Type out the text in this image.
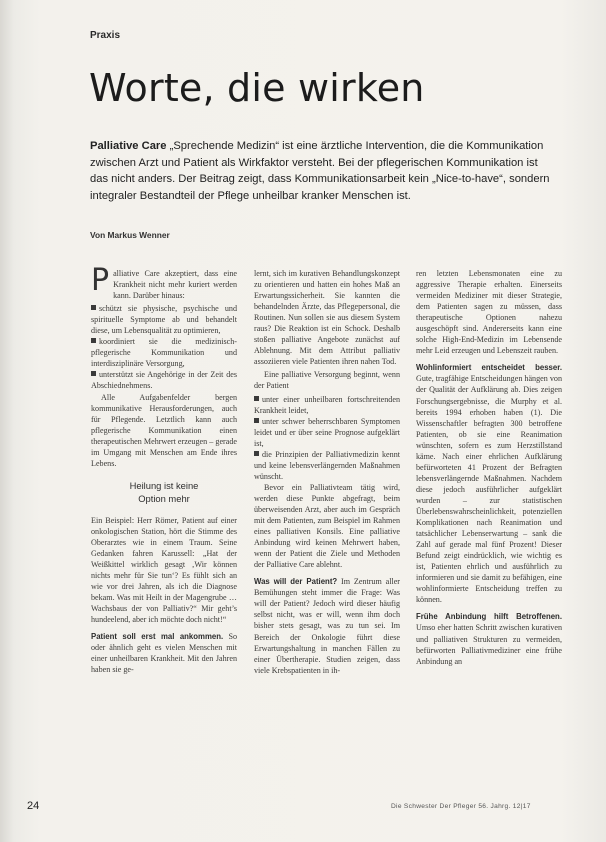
Praxis
Worte, die wirken
Palliative Care „Sprechende Medizin“ ist eine ärztliche Intervention, die die Kommunikation zwischen Arzt und Patient als Wirkfaktor versteht. Bei der pflegerischen Kommunikation ist das nicht anders. Der Beitrag zeigt, dass Kommunikationsarbeit kein „Nice-to-have“, sondern integraler Bestandteil der Pflege unheilbar kranker Menschen ist.
Von Markus Wenner

Palliative Care akzeptiert, dass eine Krankheit nicht mehr kuriert werden kann. Darüber hinaus:

schützt sie physische, psychische und spirituelle Symptome ab und behandelt diese, um Lebensqualität zu optimieren,

koordiniert sie die medizinisch-pflegerische Kommunikation und interdisziplinäre Versorgung,

unterstützt sie Angehörige in der Zeit des Abschiednehmens.

Alle Aufgabenfelder bergen kommunikative Herausforderungen, auch für Pflegende. Letztlich kann auch pflegerische Kommunikation einen therapeutischen Mehrwert erzeugen – gerade im Umgang mit Menschen am Ende ihres Lebens.

Heilung ist keine
Option mehr

Ein Beispiel: Herr Römer, Patient auf einer onkologischen Station, hört die Stimme des Oberarztes wie in einem Traum. Seine Gedanken fahren Karussell: „Hat der Weißkittel wirklich gesagt ‚Wir können nichts mehr für Sie tun‘? Es fühlt sich an wie vor drei Jahren, als ich die Diagnose bekam. Was mit Heilt in der Magengrube … Wachsbaus der von Palliativ?“ Mir geht’s hundeelend, aber ich möchte doch nicht!“

Patient soll erst mal ankommen. So oder ähnlich geht es vielen Menschen mit einer unheilbaren Krankheit. Mit den Jahren haben sie ge-

lernt, sich im kurativen Behandlungskonzept zu orientieren und hatten ein hohes Maß an Erwartungssicherheit. Sie kannten die behandelnden Ärzte, das Pflegepersonal, die Routinen. Nun sollen sie aus diesem System raus? Die Reaktion ist ein Schock. Deshalb stoßen palliative Angebote zunächst auf Ablehnung. Mit dem Attribut palliativ assoziieren viele Patienten ihren nahen Tod.

Eine palliative Versorgung beginnt, wenn der Patient

unter einer unheilbaren fortschreitenden Krankheit leidet,

unter schwer beherrschbaren Symptomen leidet und er über seine Prognose aufgeklärt ist,

die Prinzipien der Palliativmedizin kennt und keine lebensverlängernden Maßnahmen wünscht.

Bevor ein Palliativteam tätig wird, werden diese Punkte abgefragt, beim überweisenden Arzt, aber auch im Gespräch mit dem Patienten, zum Beispiel im Rahmen eines palliativen Konsils. Eine palliative Anbindung wird keinen Mehrwert haben, wenn der Patient die Ziele und Methoden der Palliative Care ablehnt.

Was will der Patient? Im Zentrum aller Bemühungen steht immer die Frage: Was will der Patient? Jedoch wird dieser häufig selbst nicht, was er will, wenn ihm doch bisher stets gesagt, was zu tun sei. Im Bereich der Onkologie führt diese Erwartungshaltung in manchen Fällen zu einer Übertherapie. Studien zeigen, dass viele Krebspatienten in ih-

ren letzten Lebensmonaten eine zu aggressive Therapie erhalten. Einerseits vermeiden Mediziner mit dieser Strategie, dem Patienten sagen zu müssen, dass therapeutische Optionen nahezu ausgeschöpft sind. Andererseits kann eine solche High-End-Medizin im Lebensende mehr Leid erzeugen und Lebenszeit rauben.

Wohlinformiert entscheidet besser. Gute, tragfähige Entscheidungen hängen von der Qualität der Aufklärung ab. Dies zeigen Forschungsergebnisse, die Murphy et al. bereits 1994 erhoben haben (1). Die Wissenschaftler befragten 300 betroffene Patienten, ob sie eine Reanimation wünschten, sofern es zum Herzstillstand käme. Nach einer ehrlichen Aufklärung befürworteten 41 Prozent der Befragten lebensverlängernde Maßnahmen. Nachdem diese jedoch ausführlicher aufgeklärt wurden – zur statistischen Überlebenswahrscheinlichkeit, potenziellen Komplikationen nach Reanimation und tatsächlicher Lebenserwartung – sank die Zahl auf gerade mal fünf Prozent! Dieser Befund zeigt eindrücklich, wie wichtig es ist, Patienten ehrlich und ausführlich zu informieren und sie damit zu befähigen, eine wohlinformierte Entscheidung treffen zu können.

Frühe Anbindung hilft Betroffenen. Umso eher hatten Schritt zwischen kurativen und palliativen Strukturen zu vermeiden, befürworten Palliativmediziner eine frühe Anbindung an

24	Die Schwester Der Pfleger 56. Jahrg. 12|17
